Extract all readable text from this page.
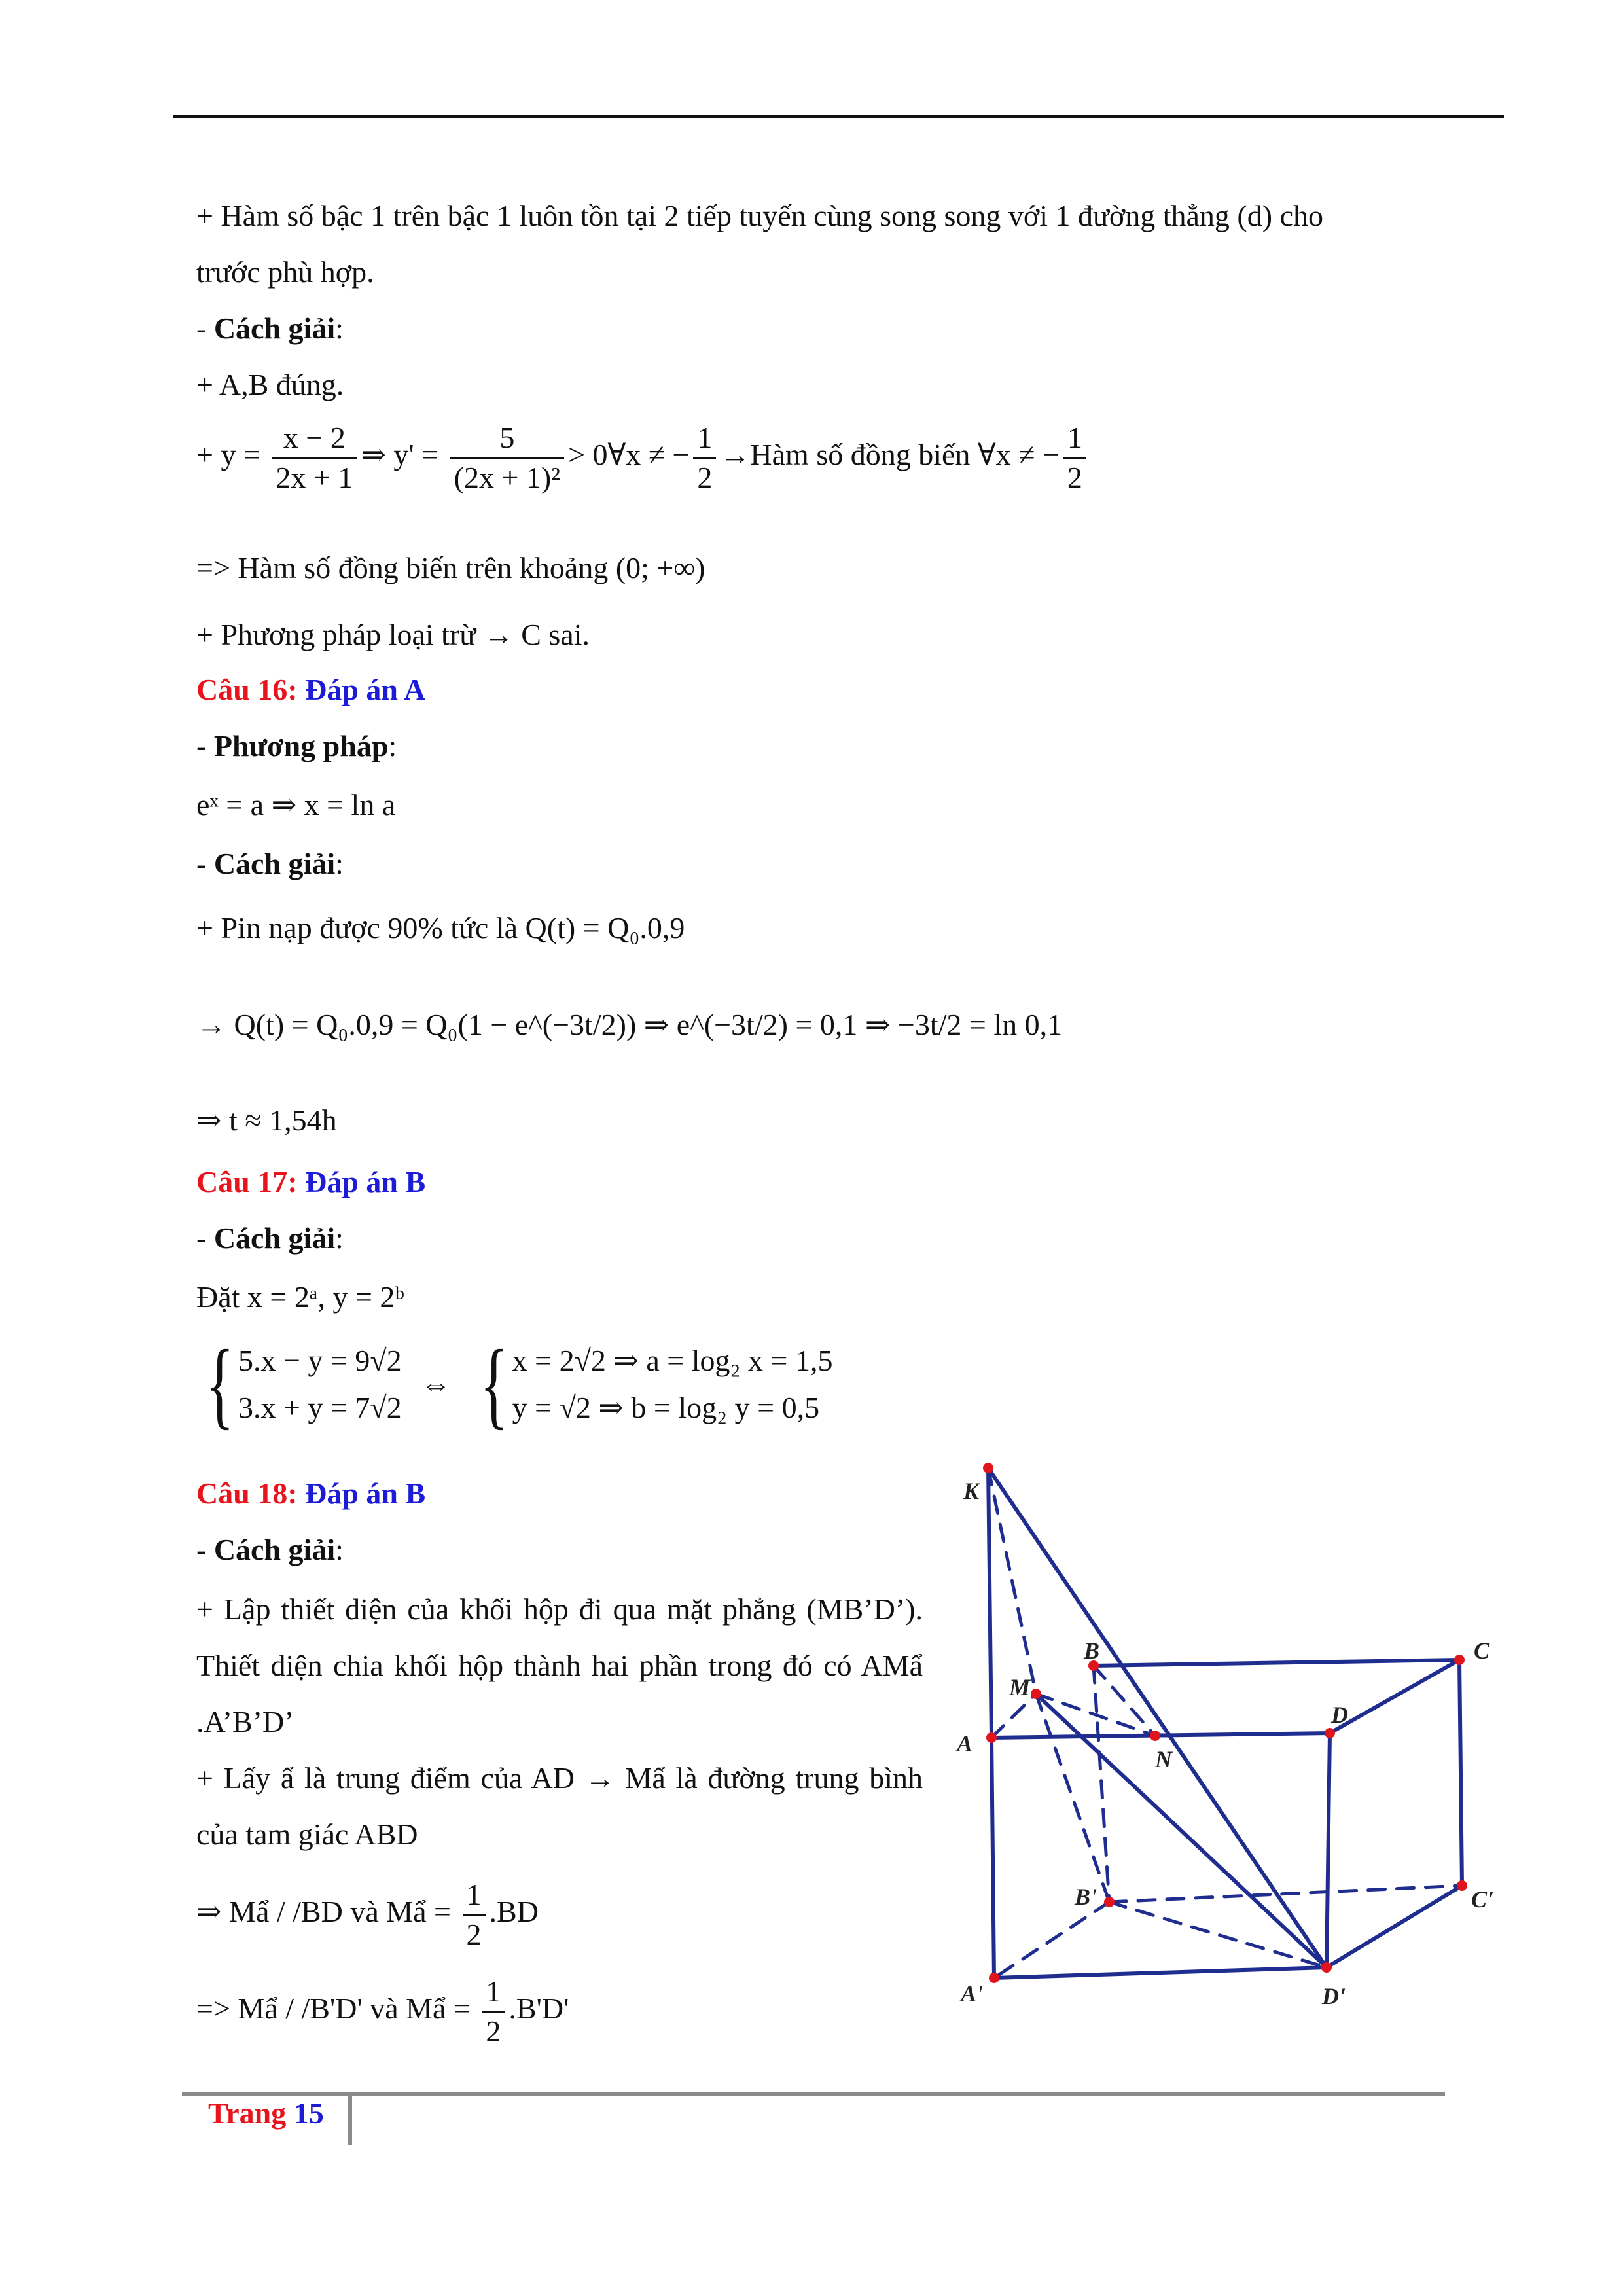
+ Hàm số bậc 1 trên bậc 1 luôn tồn tại 2 tiếp tuyến cùng song song với 1 đường thẳng (d) cho
trước phù hợp.
- Cách giải:
+ A,B đúng.
+ $y = \frac{x - 2}{2x + 1}$ ⇒ $y' = \frac{5}{\text{(2x + 1)²}}$ > 0∀x ≠ − $\frac{1}{2}$ →Hàm số đồng biến ∀x ≠ − $\frac{1}{2}$
=> Hàm số đồng biến trên khoảng (0; +∞)
+ Phương pháp loại trừ → C sai.
Câu 16: Đáp án A
- Phương pháp:
eˣ = a ⇒ x = ln a
- Cách giải:
+ Pin nạp được 90% tức là Q(t) = Q₀.0,9
→ Q(t) = Q₀.0,9 = Q₀(1 − e^(−3t/2)) ⇒ e^(−3t/2) = 0,1 ⇒ −3t/2 = ln 0,1
⇒ t ≈ 1,54h
Câu 17: Đáp án B
- Cách giải:
Đặt x = 2ᵃ, y = 2ᵇ
{ 5.x − y = 9√2
3.x + y = 7√2
⇔ { x = 2√2 ⇒ a = log₂ x = 1,5
y = √2 ⇒ b = log₂ y = 0,5
Câu 18: Đáp án B
- Cách giải:
+ Lập thiết diện của khối hộp đi qua mặt phẳng (MB’D’). Thiết diện chia khối hộp thành hai phần trong đó có AMẩ .A’B’D’
+ Lấy ẩ là trung điểm của AD → Mẩ là đường trung bình của tam giác ABD
⇒ Mẩ / /BD và Mẩ = $\frac{1}{2} .BD$
=> Mẩ / /B'D' và Mẩ = $\frac{1}{2} .B'D'$
K
B	C
M
A
D
N
B'	C'
A'	D'
Trang 15
